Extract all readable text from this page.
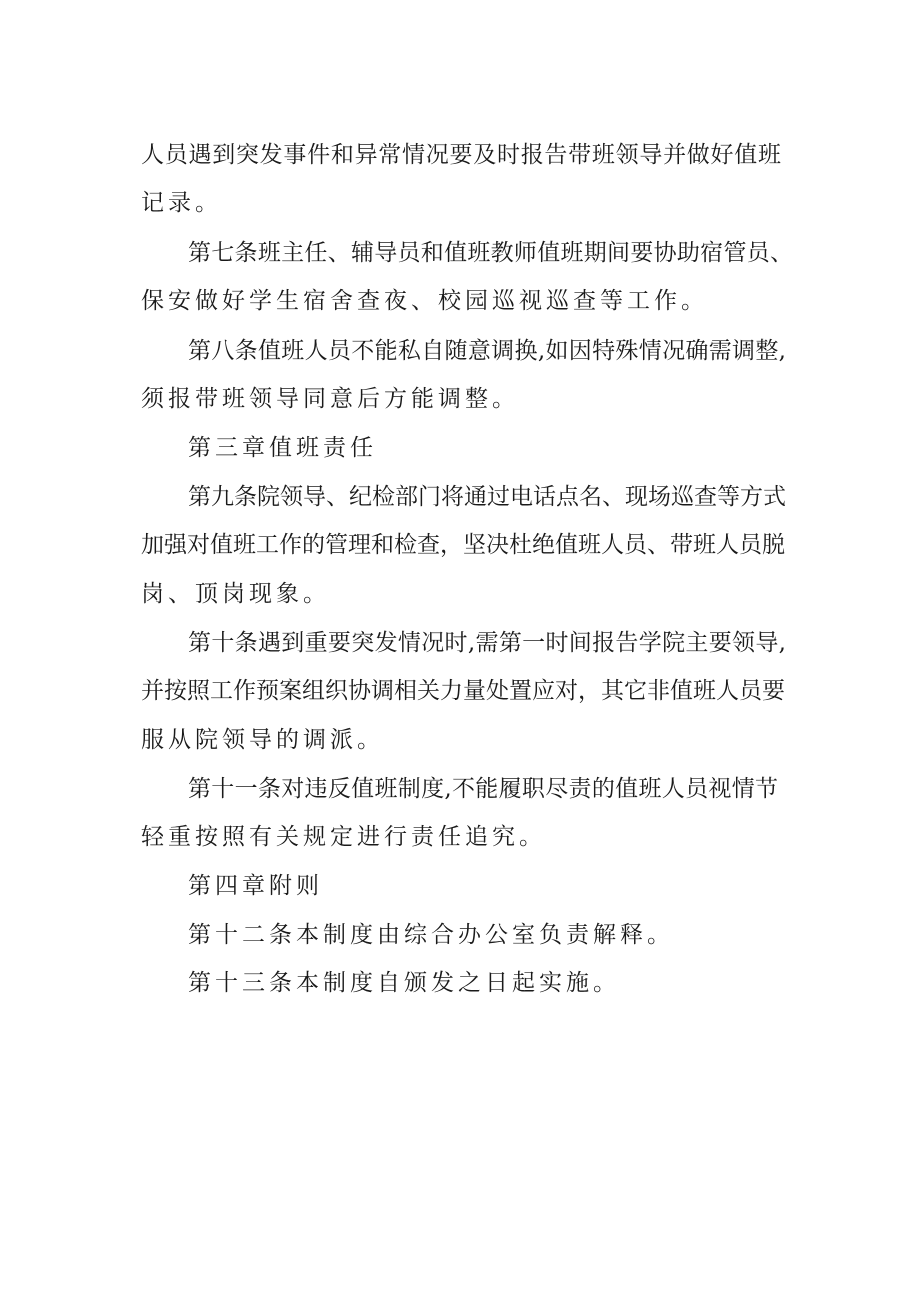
人员遇到突发事件和异常情况要及时报告带班领导并做好值班
记录。
第七条班主任、辅导员和值班教师值班期间要协助宿管员、
保安做好学生宿舍查夜、校园巡视巡查等工作。
第八条值班人员不能私自随意调换,如因特殊情况确需调整,
须报带班领导同意后方能调整。
第三章值班责任
第九条院领导、纪检部门将通过电话点名、现场巡查等方式
加强对值班工作的管理和检查，坚决杜绝值班人员、带班人员脱
岗、顶岗现象。
第十条遇到重要突发情况时,需第一时间报告学院主要领导,
并按照工作预案组织协调相关力量处置应对，其它非值班人员要
服从院领导的调派。
第十一条对违反值班制度,不能履职尽责的值班人员视情节
轻重按照有关规定进行责任追究。
第四章附则
第十二条本制度由综合办公室负责解释。
第十三条本制度自颁发之日起实施。
